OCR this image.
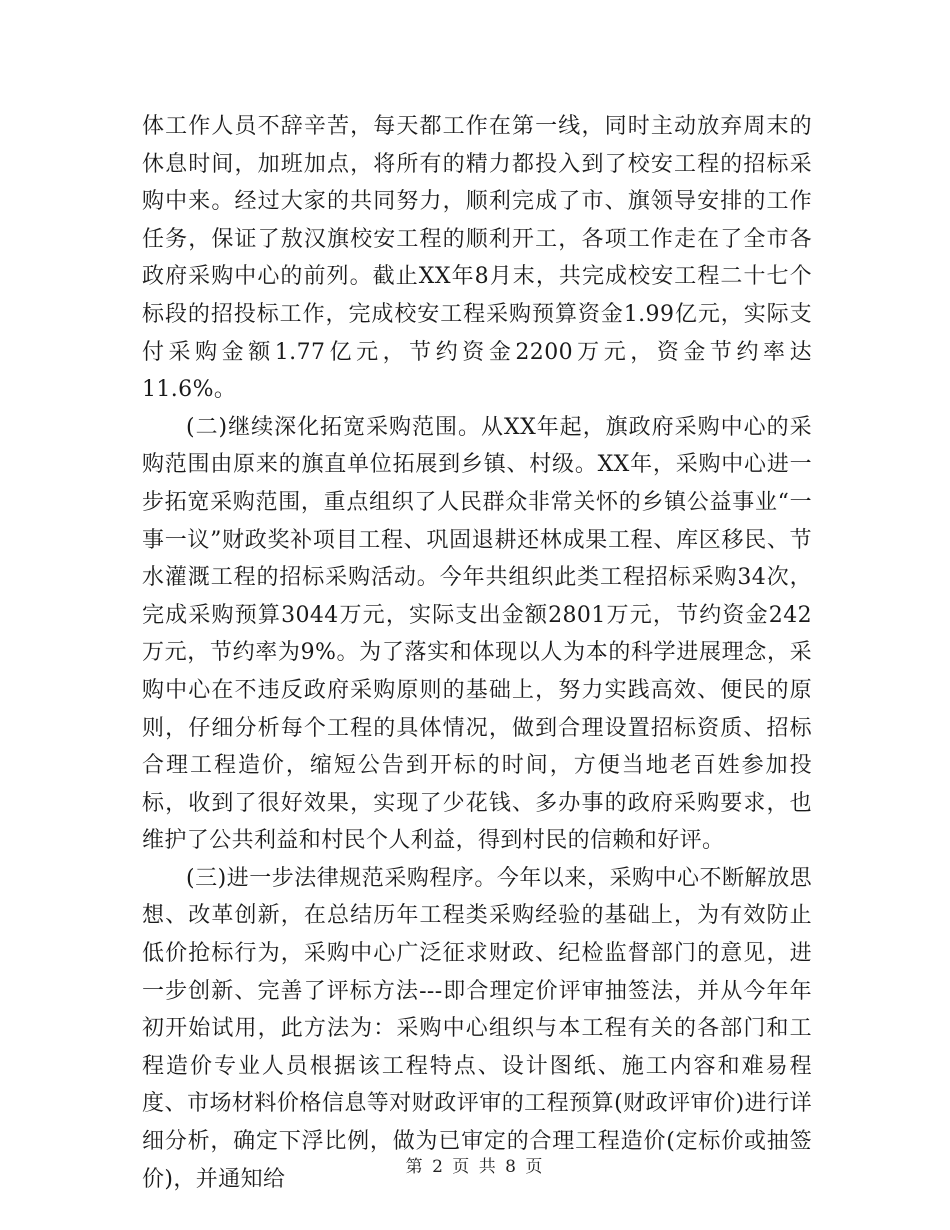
体工作人员不辞辛苦，每天都工作在第一线，同时主动放弃周末的休息时间，加班加点，将所有的精力都投入到了校安工程的招标采购中来。经过大家的共同努力，顺利完成了市、旗领导安排的工作任务，保证了敖汉旗校安工程的顺利开工，各项工作走在了全市各政府采购中心的前列。截止XX年8月末，共完成校安工程二十七个标段的招投标工作，完成校安工程采购预算资金1.99亿元，实际支付采购金额1.77亿元，节约资金2200万元，资金节约率达11.6%。

(二)继续深化拓宽采购范围。从XX年起，旗政府采购中心的采购范围由原来的旗直单位拓展到乡镇、村级。XX年，采购中心进一步拓宽采购范围，重点组织了人民群众非常关怀的乡镇公益事业“一事一议”财政奖补项目工程、巩固退耕还林成果工程、库区移民、节水灌溉工程的招标采购活动。今年共组织此类工程招标采购34次，完成采购预算3044万元，实际支出金额2801万元，节约资金242万元，节约率为9%。为了落实和体现以人为本的科学进展理念，采购中心在不违反政府采购原则的基础上，努力实践高效、便民的原则，仔细分析每个工程的具体情况，做到合理设置招标资质、招标合理工程造价，缩短公告到开标的时间，方便当地老百姓参加投标，收到了很好效果，实现了少花钱、多办事的政府采购要求，也维护了公共利益和村民个人利益，得到村民的信赖和好评。

(三)进一步法律规范采购程序。今年以来，采购中心不断解放思想、改革创新，在总结历年工程类采购经验的基础上，为有效防止低价抢标行为，采购中心广泛征求财政、纪检监督部门的意见，进一步创新、完善了评标方法---即合理定价评审抽签法，并从今年年初开始试用，此方法为：采购中心组织与本工程有关的各部门和工程造价专业人员根据该工程特点、设计图纸、施工内容和难易程度、市场材料价格信息等对财政评审的工程预算(财政评审价)进行详细分析，确定下浮比例，做为已审定的合理工程造价(定标价或抽签价)，并通知给	第 2 页 共 8 页
